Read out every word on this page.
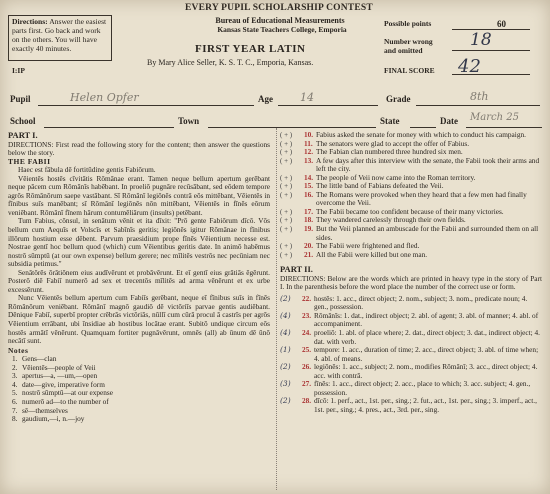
EVERY PUPIL SCHOLARSHIP CONTEST
Directions: Answer the easiest parts first. Go back and work on the others. You will have exactly 40 minutes.
I:IP
Bureau of Educational Measurements
Kansas State Teachers College, Emporia
FIRST YEAR LATIN
By Mary Alice Seller, K. S. T. C., Emporia, Kansas.
Possible points	60
Number wrong and omitted
18
FINAL SCORE 42
Pupil	Helen Opfer	Age 14	Grade	8th
School	Town	State	Date March 25

PART I.

DIRECTIONS: First read the following story for the content; then answer the questions below the story.

THE FABII

Haec est fābula dē fortitūdine gentis Fabiōrum.

Vēientēs hostēs cīvitātis Rōmānae erant. Tamen neque bellum apertum gerēbant neque pācem cum Rōmānīs habēbant. In proeliō pugnāre recūsābant, sed eōdem tempore agrōs Rōmānōrum saepe vastābant. Sī Rōmānī legiōnēs contrā eōs mittēbant, Vēientēs in fīnibus suīs manēbant; sī Rōmānī legiōnēs nōn mittēbant, Vēientēs in fīnēs eōrum veniēbant. Rōmānī fīnem hārum contumēliārum (insults) petēbant.

Tum Fabius, cōnsul, in senātum vēnit et ita dīxit: "Prō gente Fabiōrum dīcō. Vōs bellum cum Aequīs et Volscīs et Sabīnīs geritis; legiōnēs igitur Rōmānae in fīnibus illōrum hostium esse dēbent. Parvum praesidium prope fīnēs Vēientium necesse est. Nostrae gentī hoc bellum quod (which) cum Vēientibus geritis date. In animō habēmus nostrō sūmptū (at our own expense) bellum gerere; nec mīlitēs vestrōs nec pecūniam nec subsidia petimus."

Senātōrēs ōrātiōnem eius audīvērunt et probāvērunt. Et eī gentī eius grātiās ēgērunt. Posterō diē Fabiī numerō ad sex et trecentōs mīlitēs ad arma vēnērunt et ex urbe excessērunt.

Nunc Vēientēs bellum apertum cum Fabiīs gerēbant, neque eī fīnibus suīs in fīnēs Rōmānōrum veniēbant. Rōmānī magnō gaudiō dē victōriīs parvae gentis audiēbant. Dēnique Fabiī, superbī propter crēbrās victōriās, nūllī cum cūrā procul ā castrīs per agrōs Vēientium errābant, ubi īnsidiae ab hostibus locātae erant. Subitō undique circum eōs hostēs armātī vēnērunt. Quamquam fortiter pugnāvērunt, omnēs (all) ab ūnum dē ūnō necātī sunt.

Notes

1. Gens—clan
2. Vēientēs—people of Veii
3. apertus—a, —um,—open
4. date—give, imperative form
5. nostrō sūmptū—at our expense
6. numerō ad—to the number of
7. sē—themselves
8. gaudium,—i, n.—joy
( + )	10. Fabius asked the senate for money with which to conduct his campaign.
( + )	11. The senators were glad to accept the offer of Fabius.
( + )	12. The Fabian clan numbered three hundred six men.
( + )	13. A few days after this interview with the senate, the Fabii took their arms and left the city.
( + )	14. The people of Veii now came into the Roman territory.
( + )	15. The little band of Fabians defeated the Veii.
( + )	16. The Romans were provoked when they heard that a few men had finally overcome the Veii.
( + )	17. The Fabii became too confident because of their many victories.
( + )	18. They wandered carelessly through their own fields.
( + )	19. But the Veii planned an ambuscade for the Fabii and surrounded them on all sides.
( + )	20. The Fabii were frightened and fled.
( + )	21. All the Fabii were killed but one man.

PART II.

DIRECTIONS: Below are the words which are printed in heavy type in the story of Part I. In the parenthesis before the word place the number of the correct use or form.

(2)	22. hostēs: 1. acc., direct object; 2. nom., subject; 3. nom., predicate noun; 4. gen., possession.
(4)	23. Rōmānīs: 1. dat., indirect object; 2. abl. of agent; 3. abl. of manner; 4. abl. of accompaniment.
(4)	24. proeliō: 1. abl. of place where; 2. dat., direct object; 3. dat., indirect object; 4. dat. with verb.
(1)	25. tempore: 1. acc., duration of time; 2. acc., direct object; 3. abl. of time when; 4. abl. of means.
(2)	26. legiōnēs: 1. acc., subject; 2. nom., modifies Rōmānī; 3. acc., direct object; 4. acc. with contrā.
(3)	27. fīnēs: 1. acc., direct object; 2. acc., place to which; 3. acc. subject; 4. gen., possession.
(2)	28. dīcō: 1. perf., act., 1st. per., sing.; 2. fut., act., 1st. per., sing.; 3. imperf., act., 1st. per., sing.; 4. pres., act., 3rd. per., sing.
